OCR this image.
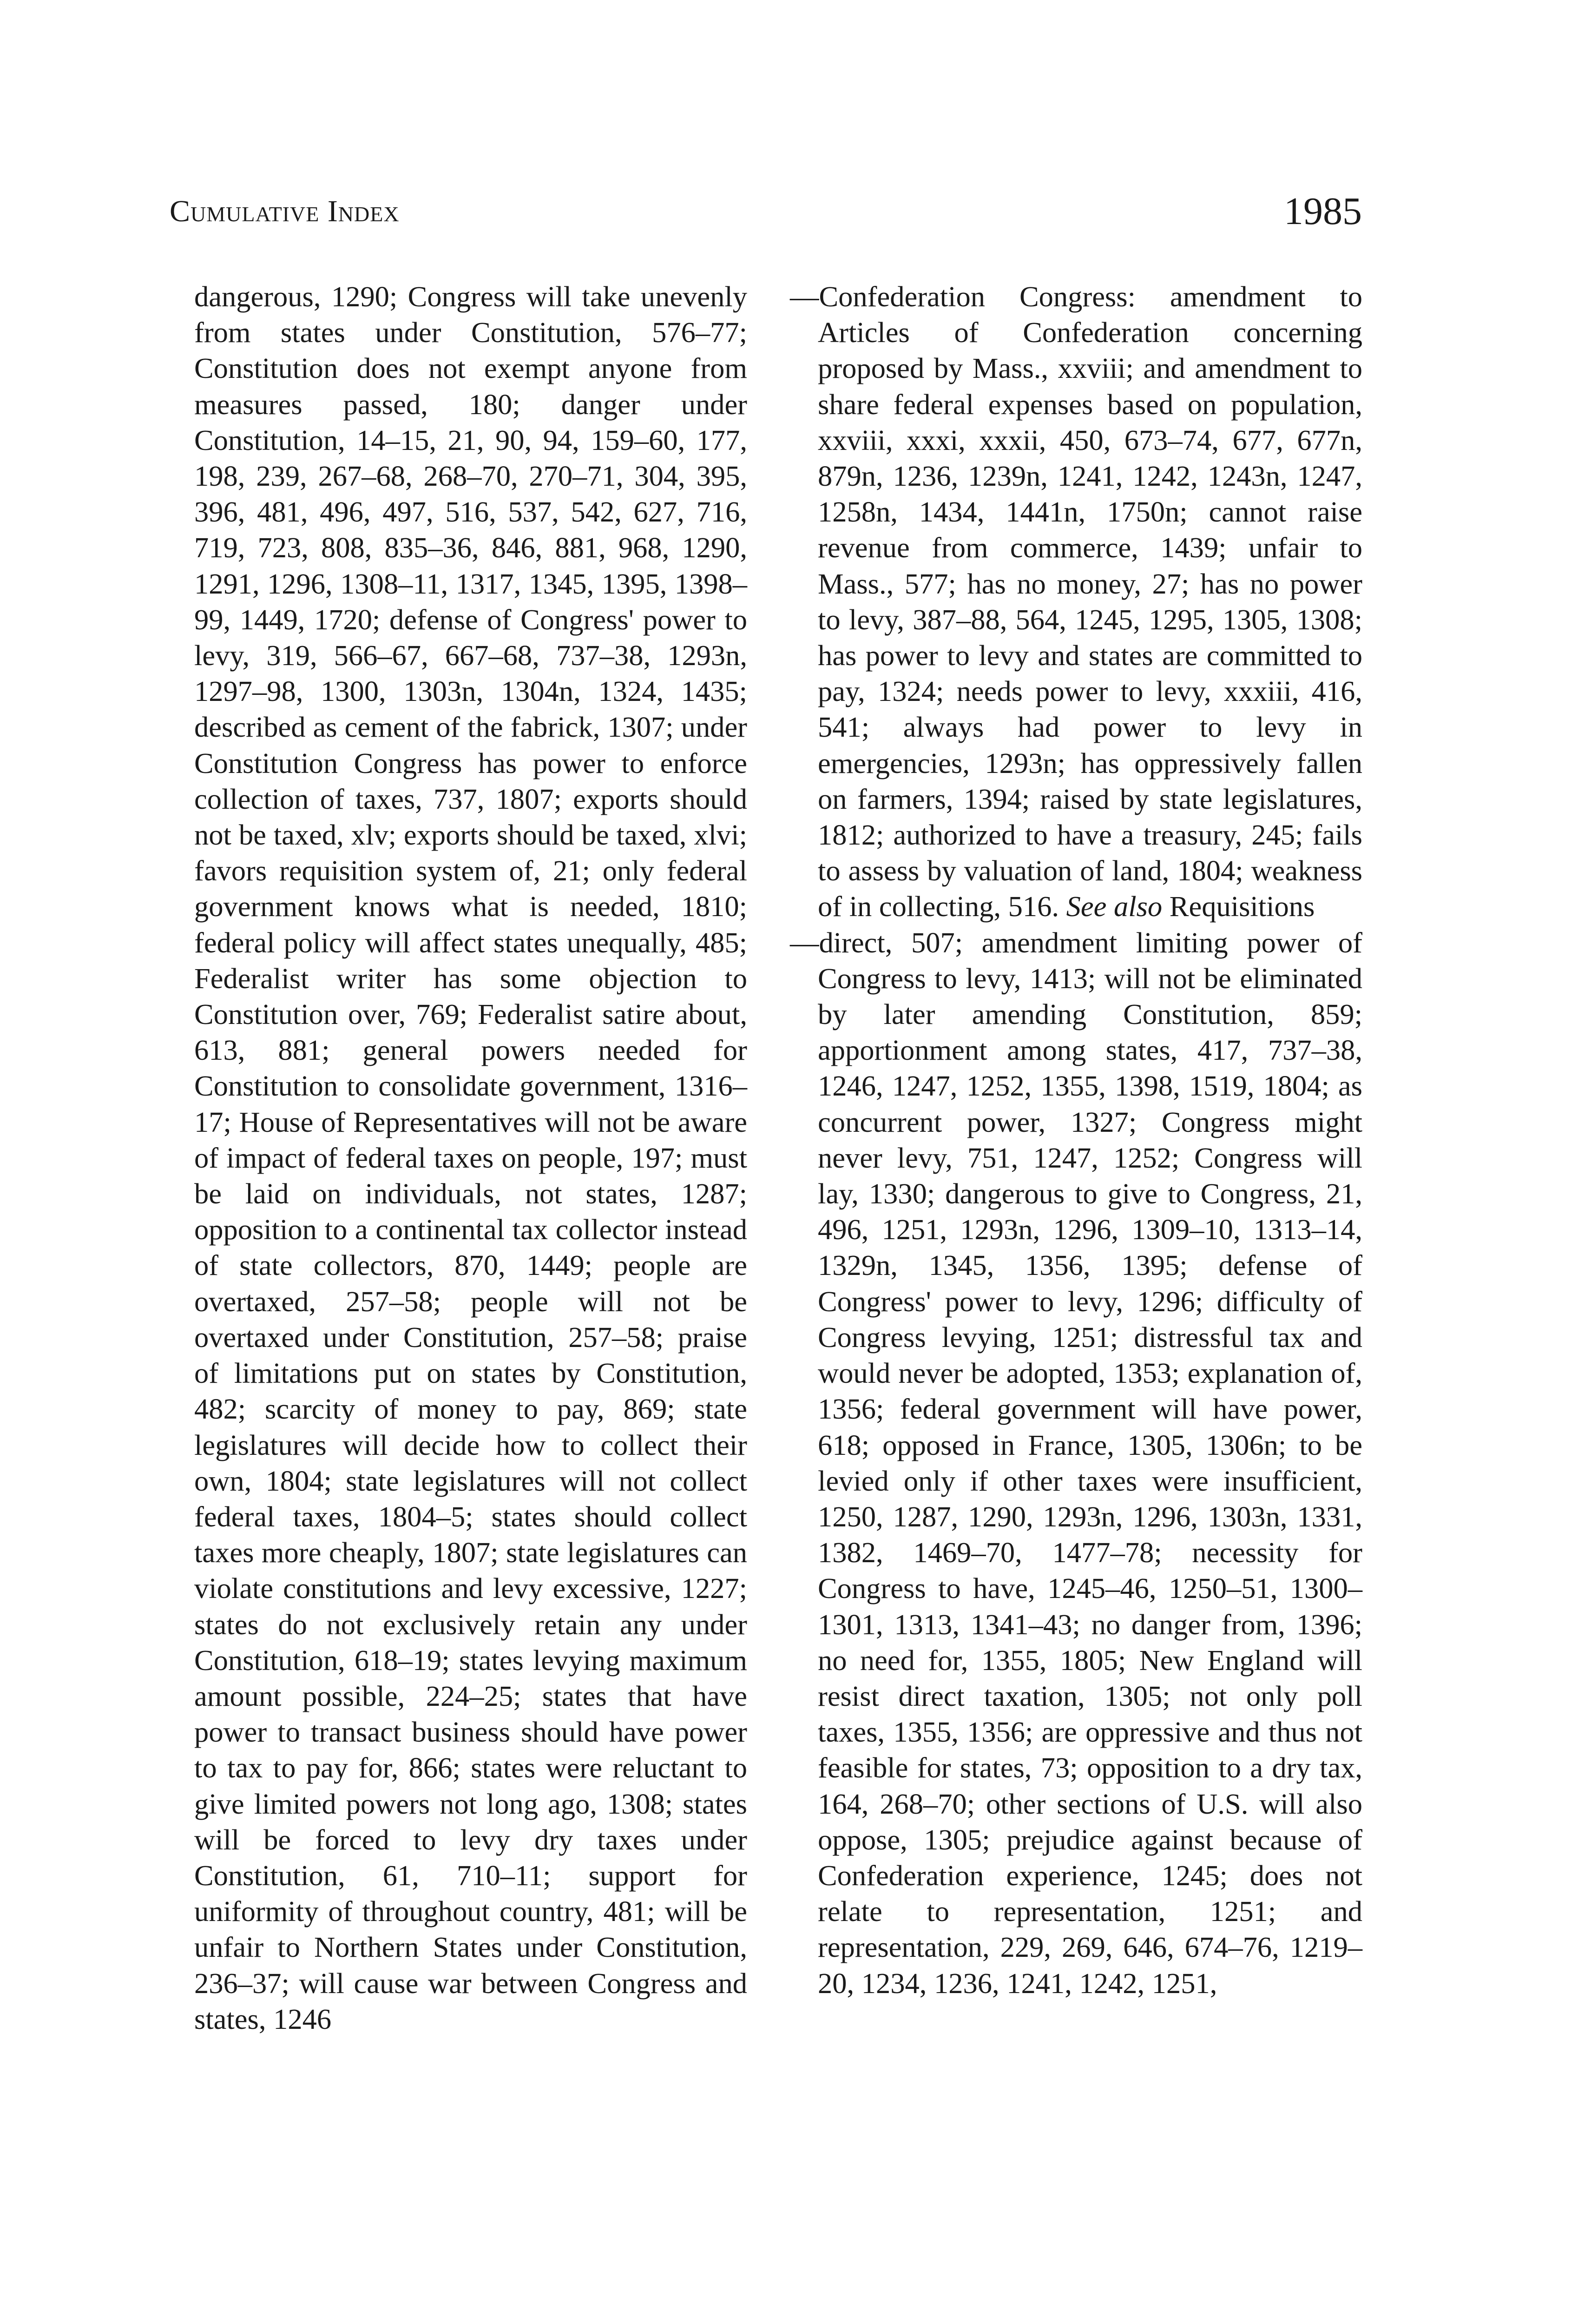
Cumulative Index	1985

dangerous, 1290; Congress will take unevenly from states under Constitution, 576–77; Constitution does not exempt anyone from measures passed, 180; danger under Constitution, 14–15, 21, 90, 94, 159–60, 177, 198, 239, 267–68, 268–70, 270–71, 304, 395, 396, 481, 496, 497, 516, 537, 542, 627, 716, 719, 723, 808, 835–36, 846, 881, 968, 1290, 1291, 1296, 1308–11, 1317, 1345, 1395, 1398–99, 1449, 1720; defense of Congress' power to levy, 319, 566–67, 667–68, 737–38, 1293n, 1297–98, 1300, 1303n, 1304n, 1324, 1435; described as cement of the fabrick, 1307; under Constitution Congress has power to enforce collection of taxes, 737, 1807; exports should not be taxed, xlv; exports should be taxed, xlvi; favors requisition system of, 21; only federal government knows what is needed, 1810; federal policy will affect states unequally, 485; Federalist writer has some objection to Constitution over, 769; Federalist satire about, 613, 881; general powers needed for Constitution to consolidate government, 1316–17; House of Representatives will not be aware of impact of federal taxes on people, 197; must be laid on individuals, not states, 1287; opposition to a continental tax collector instead of state collectors, 870, 1449; people are overtaxed, 257–58; people will not be overtaxed under Constitution, 257–58; praise of limitations put on states by Constitution, 482; scarcity of money to pay, 869; state legislatures will decide how to collect their own, 1804; state legislatures will not collect federal taxes, 1804–5; states should collect taxes more cheaply, 1807; state legislatures can violate constitutions and levy excessive, 1227; states do not exclusively retain any under Constitution, 618–19; states levying maximum amount possible, 224–25; states that have power to transact business should have power to tax to pay for, 866; states were reluctant to give limited powers not long ago, 1308; states will be forced to levy dry taxes under Constitution, 61, 710–11; support for uniformity of throughout country, 481; will be unfair to Northern States under Constitution, 236–37; will cause war between Congress and states, 1246

—Confederation Congress: amendment to Articles of Confederation concerning proposed by Mass., xxviii; and amendment to share federal expenses based on population, xxviii, xxxi, xxxii, 450, 673–74, 677, 677n, 879n, 1236, 1239n, 1241, 1242, 1243n, 1247, 1258n, 1434, 1441n, 1750n; cannot raise revenue from commerce, 1439; unfair to Mass., 577; has no money, 27; has no power to levy, 387–88, 564, 1245, 1295, 1305, 1308; has power to levy and states are committed to pay, 1324; needs power to levy, xxxiii, 416, 541; always had power to levy in emergencies, 1293n; has oppressively fallen on farmers, 1394; raised by state legislatures, 1812; authorized to have a treasury, 245; fails to assess by valuation of land, 1804; weakness of in collecting, 516. See also Requisitions

—direct, 507; amendment limiting power of Congress to levy, 1413; will not be eliminated by later amending Constitution, 859; apportionment among states, 417, 737–38, 1246, 1247, 1252, 1355, 1398, 1519, 1804; as concurrent power, 1327; Congress might never levy, 751, 1247, 1252; Congress will lay, 1330; dangerous to give to Congress, 21, 496, 1251, 1293n, 1296, 1309–10, 1313–14, 1329n, 1345, 1356, 1395; defense of Congress' power to levy, 1296; difficulty of Congress levying, 1251; distressful tax and would never be adopted, 1353; explanation of, 1356; federal government will have power, 618; opposed in France, 1305, 1306n; to be levied only if other taxes were insufficient, 1250, 1287, 1290, 1293n, 1296, 1303n, 1331, 1382, 1469–70, 1477–78; necessity for Congress to have, 1245–46, 1250–51, 1300–1301, 1313, 1341–43; no danger from, 1396; no need for, 1355, 1805; New England will resist direct taxation, 1305; not only poll taxes, 1355, 1356; are oppressive and thus not feasible for states, 73; opposition to a dry tax, 164, 268–70; other sections of U.S. will also oppose, 1305; prejudice against because of Confederation experience, 1245; does not relate to representation, 1251; and representation, 229, 269, 646, 674–76, 1219–20, 1234, 1236, 1241, 1242, 1251,
